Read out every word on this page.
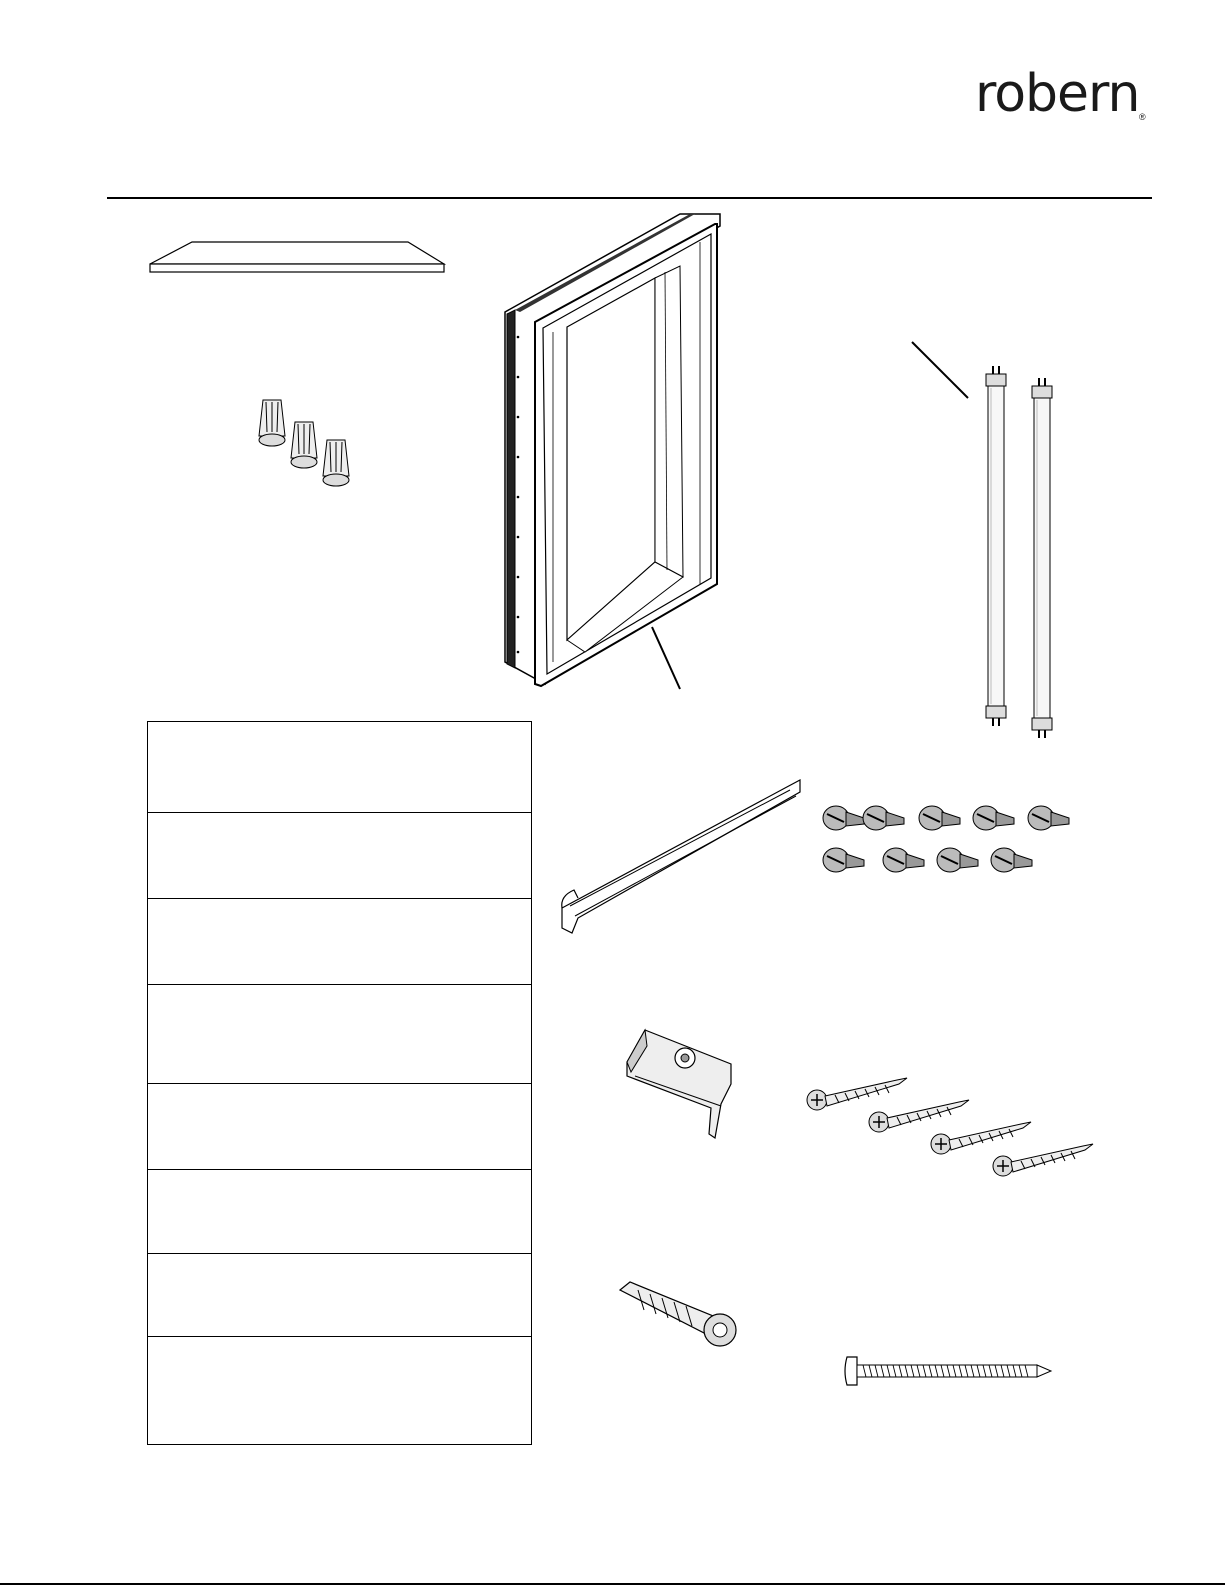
robern ®
